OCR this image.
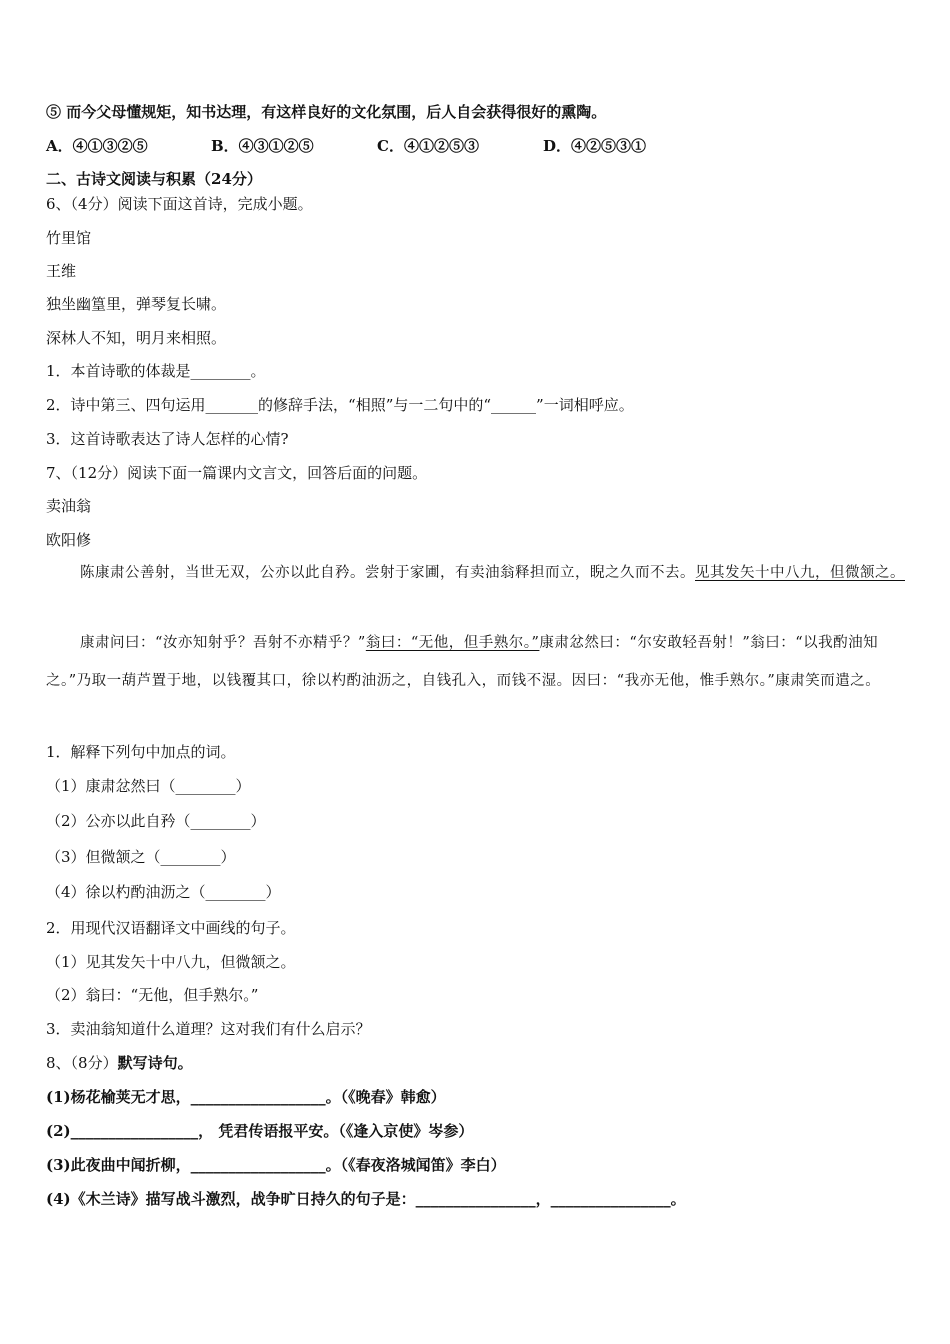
⑤ 而今父母懂规矩，知书达理，有这样良好的文化氛围，后人自会获得很好的熏陶。
A．④①③②⑤	B．④③①②⑤	C．④①②⑤③	D．④②⑤③①
二、古诗文阅读与积累（24分）
6、（4分）阅读下面这首诗，完成小题。
竹里馆
王维
独坐幽篁里，弹琴复长啸。
深林人不知，明月来相照。
1．本首诗歌的体裁是________。
2．诗中第三、四句运用_______的修辞手法，“相照”与一二句中的“______”一词相呼应。
3．这首诗歌表达了诗人怎样的心情?
7、（12分）阅读下面一篇课内文言文，回答后面的问题。
卖油翁
欧阳修
陈康肃公善射，当世无双，公亦以此自矜。尝射于家圃，有卖油翁释担而立，睨之久而不去。见其发矢十中八九，但微颔之。
康肃问曰：“汝亦知射乎？吾射不亦精乎？”翁曰：“无他，但手熟尔。”康肃忿然曰：“尔安敢轻吾射！”翁曰：“以我酌油知之。”乃取一葫芦置于地，以钱覆其口，徐以杓酌油沥之，自钱孔入，而钱不湿。因曰：“我亦无他，惟手熟尔。”康肃笑而遣之。
1．解释下列句中加点的词。
（1）康肃忿然曰（________）
（2）公亦以此自矜（________）
（3）但微颔之（________）
（4）徐以杓酌油沥之（________）
2．用现代汉语翻译文中画线的句子。
（1）见其发矢十中八九，但微颔之。
（2）翁曰：“无他，但手熟尔。”
3．卖油翁知道什么道理？这对我们有什么启示？
8、（8分）默写诗句。
(1)杨花榆荚无才思，__________________。（《晚春》韩愈）
(2)_________________， 凭君传语报平安。（《逢入京使》岑参）
(3)此夜曲中闻折柳，__________________。（《春夜洛城闻笛》李白）
(4)《木兰诗》描写战斗激烈，战争旷日持久的句子是：________________，________________。
